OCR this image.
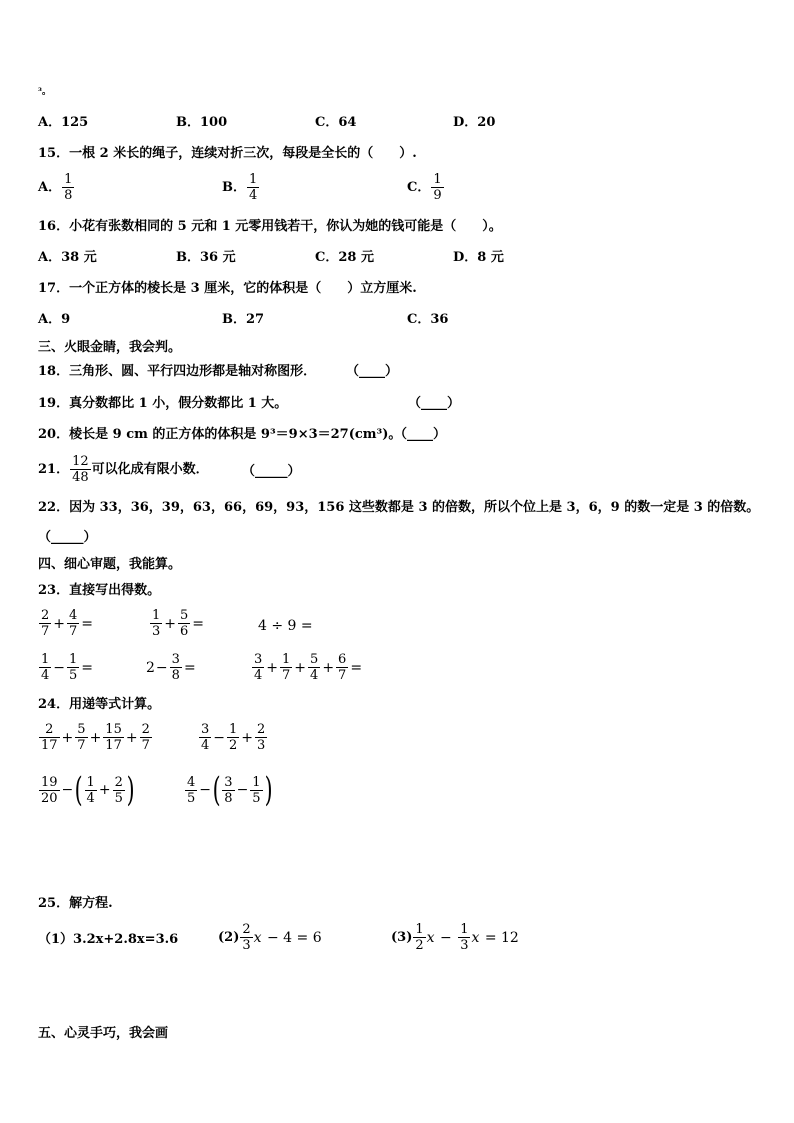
³。
A．125	B．100	C．64	D．20
15．一根 2 米长的绳子，连续对折三次，每段是全长的（　　）.
A． $\frac{1}{8}$	B． $\frac{1}{4}$	C． $\frac{1}{9}$
16．小花有张数相同的 5 元和 1 元零用钱若干，你认为她的钱可能是（　　）。
A．38 元	B．36 元	C．28 元	D．8 元
17．一个正方体的棱长是 3 厘米，它的体积是（　　）立方厘米.
A．9	B．27	C．36
三、火眼金睛，我会判。
18．三角形、圆、平行四边形都是轴对称图形． （____）
19．真分数都比 1 小，假分数都比 1 大。	（____）
20．棱长是 9 cm 的正方体的体积是 9³＝9×3＝27(cm³)。
（____）
21． $\frac{12}{48}$ 可以化成有限小数．	（_____）
22．因为 33，36，39，63，66，69，93，156 这些数都是 3 的倍数，所以个位上是 3，6，9 的数一定是 3 的倍数。
（_____）
四、细心审题，我能算。
23．直接写出得数。
$\frac{2}{7} + \frac{4}{7}$ =	$\frac{1}{3} + \frac{5}{6}$ =	4 ÷ 9 =
$\frac{1}{4} - \frac{1}{5}$ =	$2 - \frac{3}{8}$ =	$\frac{3}{4} + \frac{1}{7} + \frac{5}{4} + \frac{6}{7}$ =
24．用递等式计算。
$\frac{2}{17} + \frac{5}{7} + \frac{15}{17} + \frac{2}{7}$	$\frac{3}{4} - \frac{1}{2} + \frac{2}{3}$
$\frac{19}{20}$ − ( $\frac{1}{4} + \frac{2}{5}$ )	$\frac{4}{5}$ − ( $\frac{3}{8} - \frac{1}{5}$ )
25．解方程.
（1）3.2x+2.8x=3.6	$(2) \frac{2}{3}$ x − 4 = 6	$(3) \frac{1}{2}$ $x - \frac{1}{3}$ x = 12
五、心灵手巧，我会画
